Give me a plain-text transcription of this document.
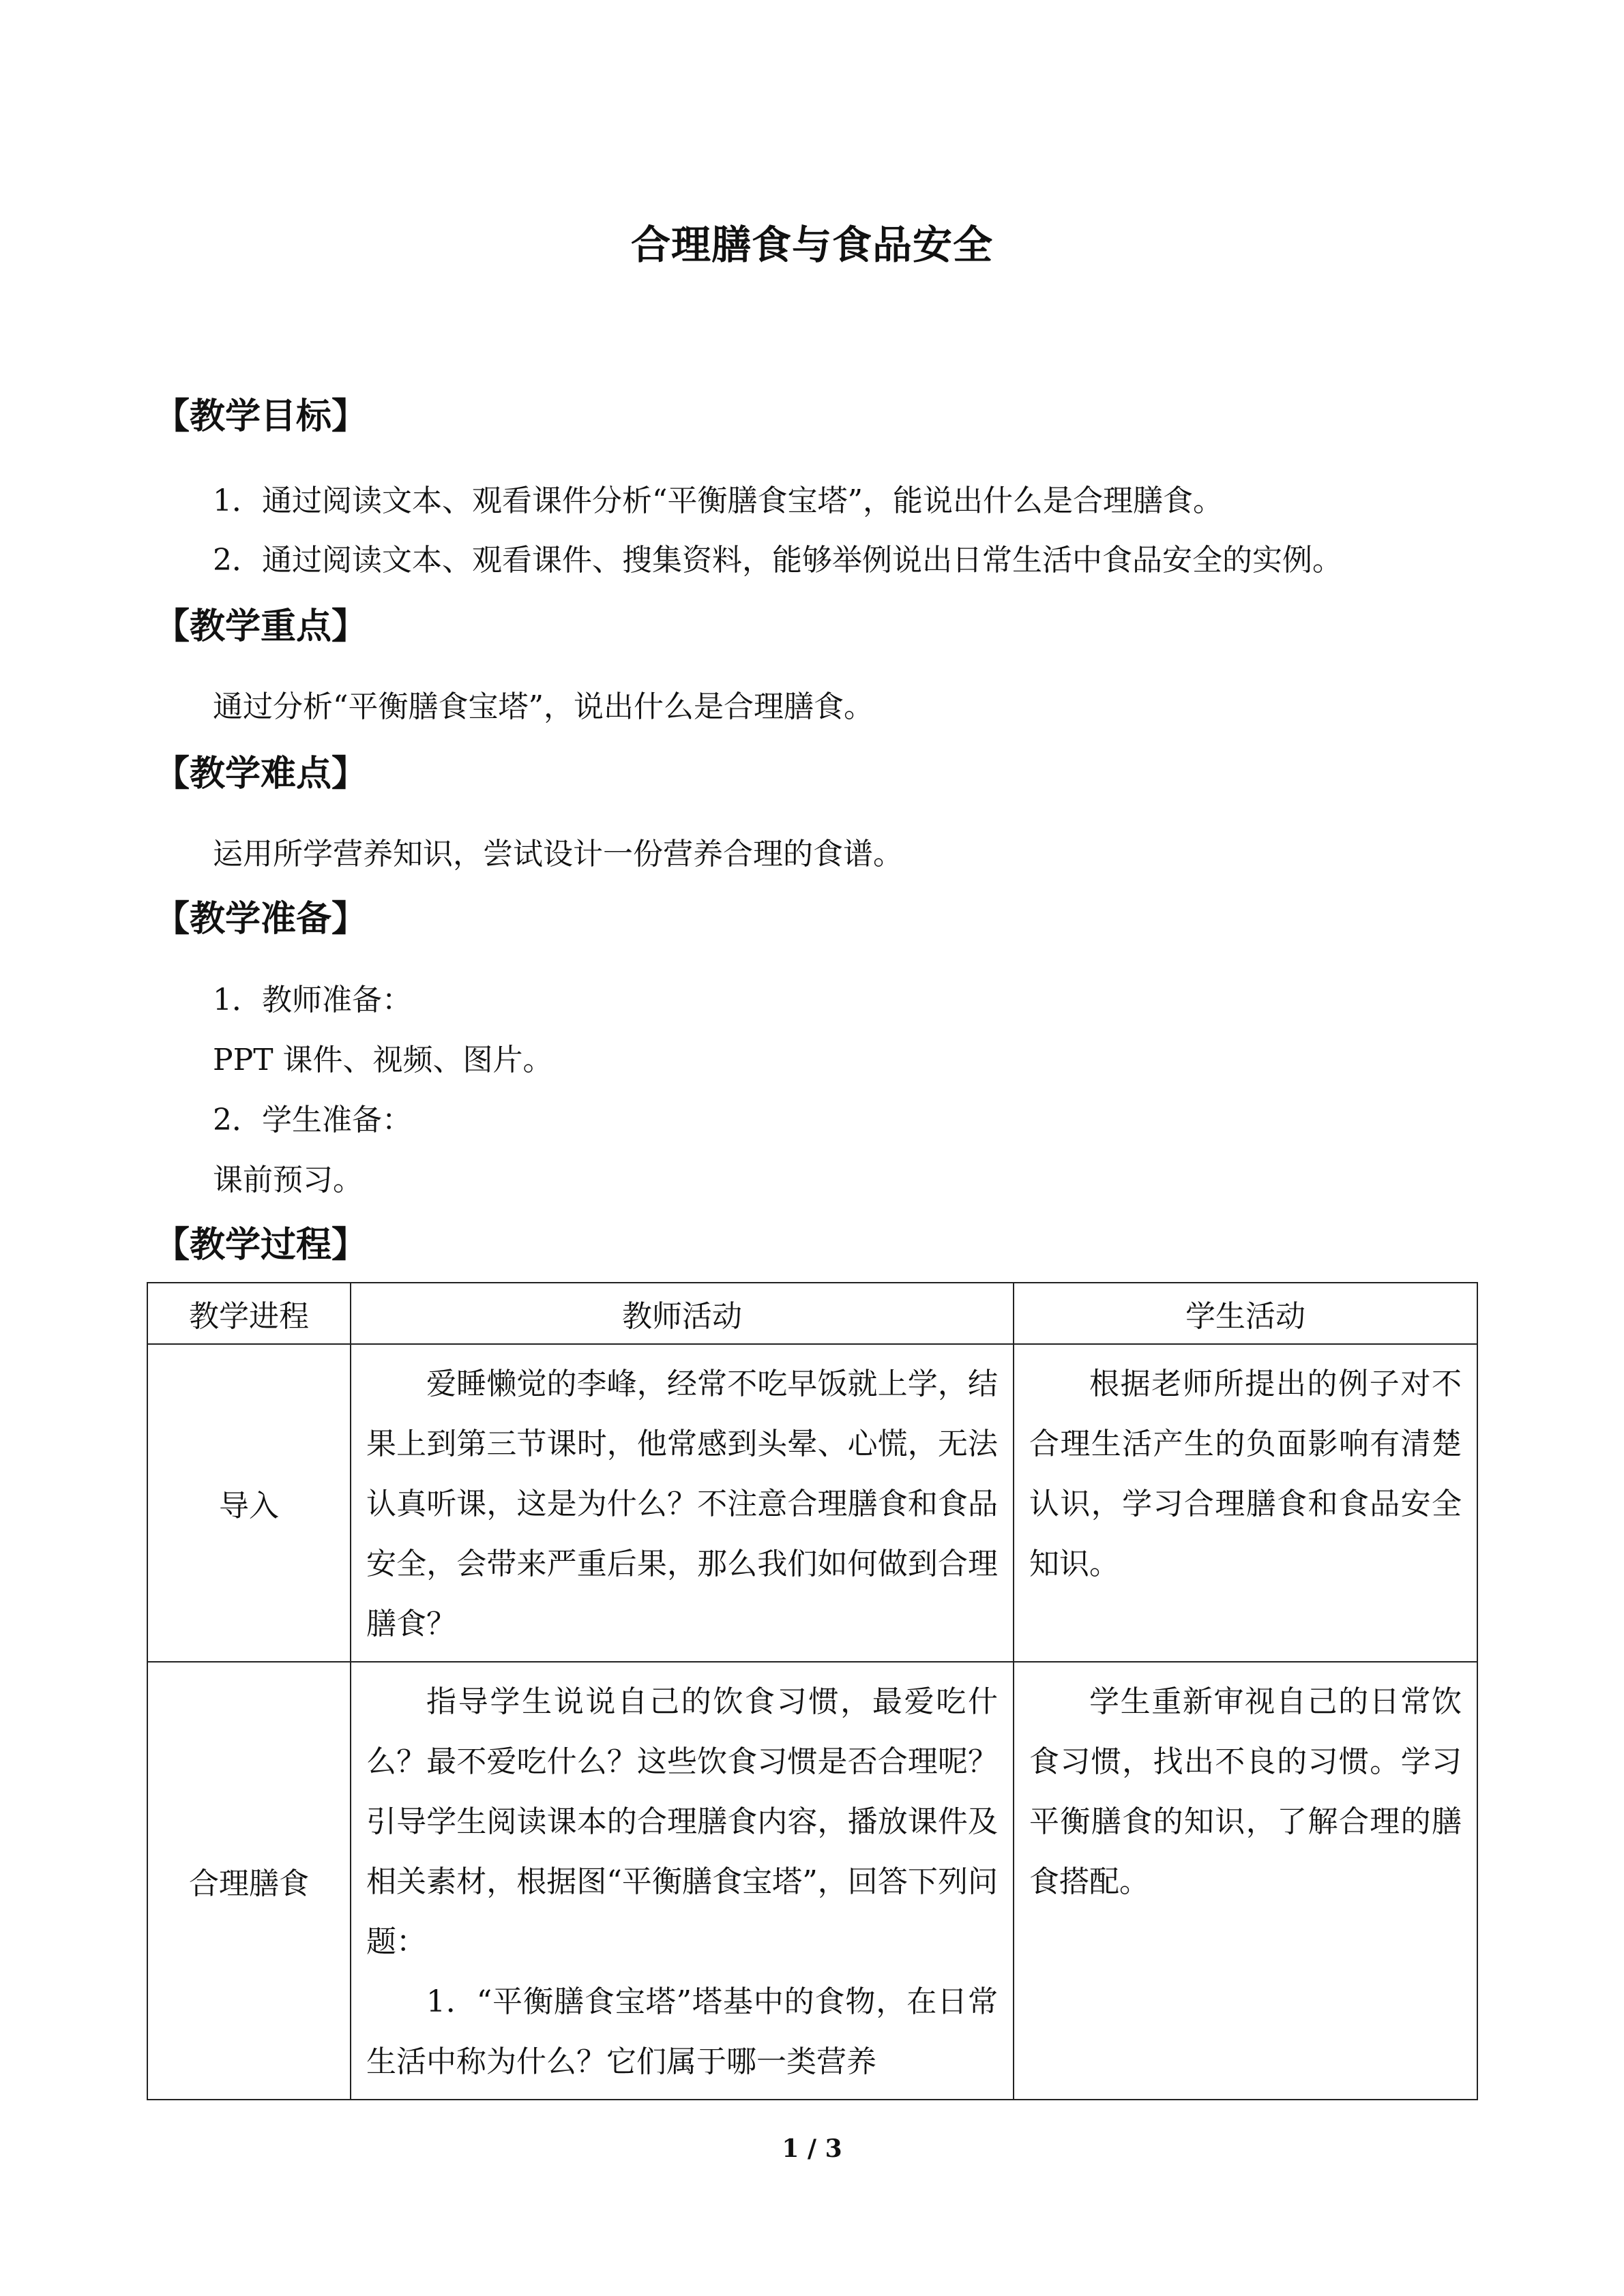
合理膳食与食品安全
【教学目标】
1．通过阅读文本、观看课件分析“平衡膳食宝塔”，能说出什么是合理膳食。
2．通过阅读文本、观看课件、搜集资料，能够举例说出日常生活中食品安全的实例。
【教学重点】
通过分析“平衡膳食宝塔”，说出什么是合理膳食。
【教学难点】
运用所学营养知识，尝试设计一份营养合理的食谱。
【教学准备】
1．教师准备：
PPT 课件、视频、图片。
2．学生准备：
课前预习。
【教学过程】
教学进程	教师活动	学生活动
导入	爱睡懒觉的李峰，经常不吃早饭就上学，结果上到第三节课时，他常感到头晕、心慌，无法认真听课，这是为什么？不注意合理膳食和食品安全，会带来严重后果，那么我们如何做到合理膳食？	根据老师所提出的例子对不合理生活产生的负面影响有清楚认识，学习合理膳食和食品安全知识。

合理膳食	指导学生说说自己的饮食习惯，最爱吃什么？最不爱吃什么？这些饮食习惯是否合理呢？引导学生阅读课本的合理膳食内容，播放课件及相关素材，根据图“平衡膳食宝塔”，回答下列问题：
1．“平衡膳食宝塔”塔基中的食物，在日常生活中称为什么？它们属于哪一类营养	学生重新审视自己的日常饮食习惯，找出不良的习惯。学习平衡膳食的知识，了解合理的膳食搭配。
1 / 3
